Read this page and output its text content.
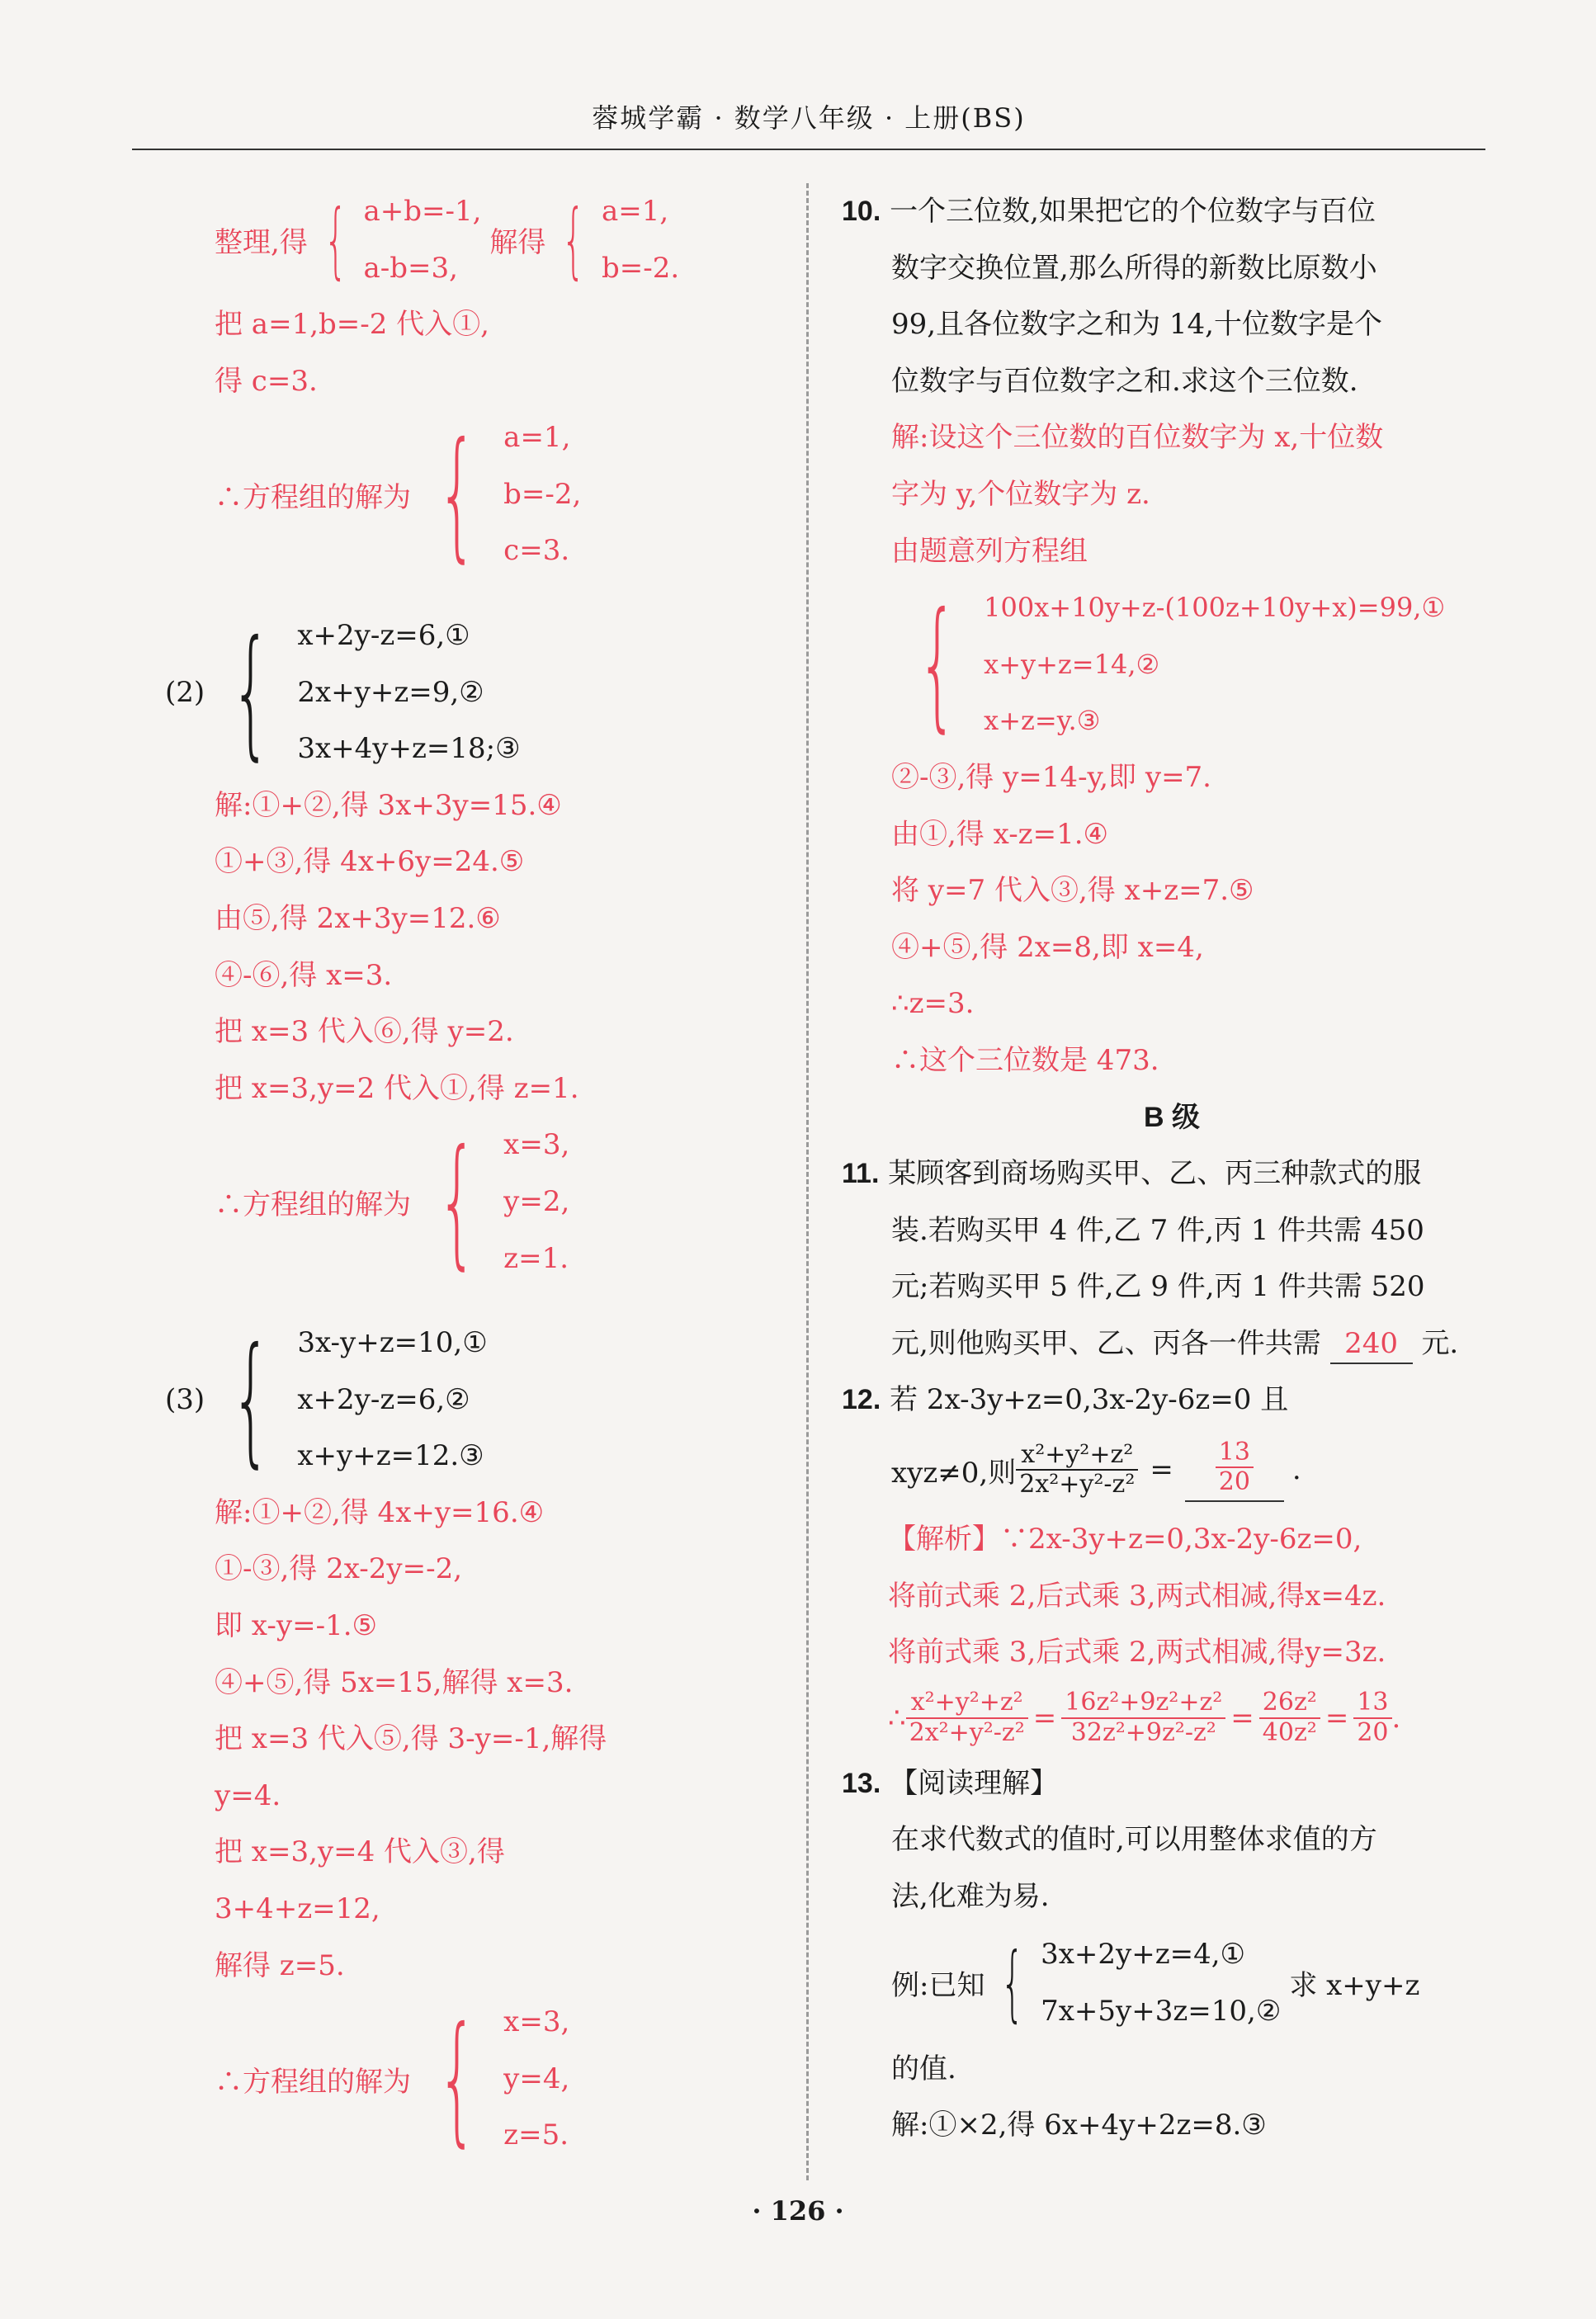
蓉城学霸 · 数学八年级 · 上册(BS)
整理,得 { a+b=-1,
a-b=3,
解得 { a=1,
b=-2.
把 a=1,b=-2 代入①,
得 c=3.
∴方程组的解为 { a=1,
b=-2,
c=3.
(2) { x+2y-z=6,①
2x+y+z=9,②
3x+4y+z=18;③
解:①+②,得 3x+3y=15.④
①+③,得 4x+6y=24.⑤
由⑤,得 2x+3y=12.⑥
④-⑥,得 x=3.
把 x=3 代入⑥,得 y=2.
把 x=3,y=2 代入①,得 z=1.
∴方程组的解为 { x=3,
y=2,
z=1.
(3) { 3x-y+z=10,①
x+2y-z=6,②
x+y+z=12.③
解:①+②,得 4x+y=16.④
①-③,得 2x-2y=-2,
即 x-y=-1.⑤
④+⑤,得 5x=15,解得 x=3.
把 x=3 代入⑤,得 3-y=-1,解得
y=4.
把 x=3,y=4 代入③,得
3+4+z=12,
解得 z=5.
∴方程组的解为 { x=3,
y=4,
z=5.
10. 一个三位数,如果把它的个位数字与百位
数字交换位置,那么所得的新数比原数小
99,且各位数字之和为 14,十位数字是个
位数字与百位数字之和.求这个三位数.
解:设这个三位数的百位数字为 x,十位数
字为 y,个位数字为 z.
由题意列方程组
{ 100x+10y+z-(100z+10y+x)=99,①
x+y+z=14,②
x+z=y.③
②-③,得 y=14-y,即 y=7.
由①,得 x-z=1.④
将 y=7 代入③,得 x+z=7.⑤
④+⑤,得 2x=8,即 x=4,
∴z=3.
∴这个三位数是 473.
B 级
11. 某顾客到商场购买甲、乙、丙三种款式的服
装.若购买甲 4 件,乙 7 件,丙 1 件共需 450
元;若购买甲 5 件,乙 9 件,丙 1 件共需 520
元,则他购买甲、乙、丙各一件共需 240 元.
12. 若 2x-3y+z=0,3x-2y-6z=0 且
xyz≠0,则 $\frac{\text{x²+y²+z²}}{\text{2x²+y²-z²}} = \frac{13}{20}$ .
【解析】∵2x-3y+z=0,3x-2y-6z=0,
将前式乘 2,后式乘 3,两式相减,得x=4z.
将前式乘 3,后式乘 2,两式相减,得y=3z.
∴ $\frac{\text{x²+y²+z²}}{\text{2x²+y²-z²}} = \frac{\text{16z²+9z²+z²}}{\text{32z²+9z²-z²}} = \frac{\text{26z²}}{\text{40z²}} = \frac{13}{20}$ .
13. 【阅读理解】
在求代数式的值时,可以用整体求值的方
法,化难为易.
例:已知 { 3x+2y+z=4,①
7x+5y+3z=10,②
求 x+y+z
的值.
解:①×2,得 6x+4y+2z=8.③
· 126 ·
